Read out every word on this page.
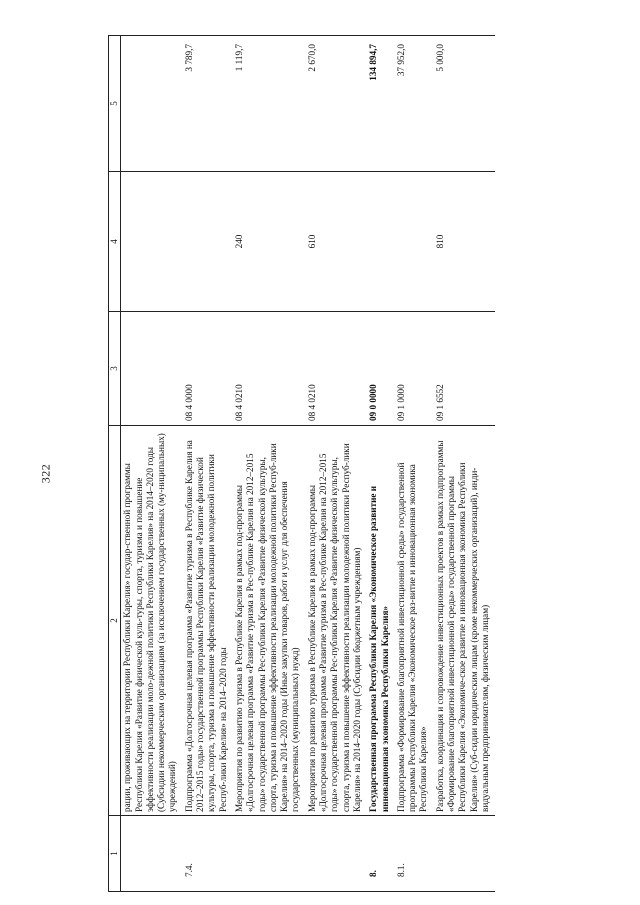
322
1	2	3	4	5
	рации, проживающих на территории Республики Карелия» государ-ственной программы Республики Карелия «Развитие физической куль-туры, спорта, туризма и повышение эффективности реализации моло-дежной политики Республики Карелия» на 2014–2020 годы (Субсидии некоммерческим организациям (за исключением государственных (му-ниципальных) учреждений)			
7.4.	Подпрограмма «Долгосрочная целевая программа «Развитие туризма в Республике Карелия на 2012–2015 годы» государственной программы Республики Карелия «Развитие физической культуры, спорта, туризма и повышение эффективности реализации молодежной политики Респуб-лики Карелия» на 2014–2020 годы	08 4 0000		3 789,7
	Мероприятия по развитию туризма в Республике Карелия в рамках под-программы «Долгосрочная целевая программа «Развитие туризма в Рес-публике Карелия на 2012–2015 годы» государственной программы Рес-публики Карелия «Развитие физической культуры, спорта, туризма и повышение эффективности реализации молодежной политики Респуб-лики Карелия» на 2014–2020 годы (Иные закупки товаров, работ и услуг для обеспечения государственных (муниципальных) нужд)	08 4 0210	240	1 119,7
	Мероприятия по развитию туризма в Республике Карелия в рамках под-программы «Долгосрочная целевая программа «Развитие туризма в Рес-публике Карелия на 2012–2015 годы» государственной программы Рес-публики Карелия «Развитие физической культуры, спорта, туризма и повышение эффективности реализации молодежной политики Респуб-лики Карелия» на 2014–2020 годы (Субсидии бюджетным учреждениям)	08 4 0210	610	2 670,0
8.	Государственная программа Республики Карелия «Экономическое развитие и инновационная экономика Республики Карелия»	09 0 0000		134 894,7
8.1.	Подпрограмма «Формирование благоприятной инвестиционной среды» государственной программы Республики Карелия «Экономическое раз-витие и инновационная экономика Республики Карелия»	09 1 0000		37 952,0
	Разработка, координация и сопровождение инвестиционных проектов в рамках подпрограммы «Формирование благоприятной инвестиционной среды» государственной программы Республики Карелия «Экономиче-ское развитие и инновационная экономика Республики Карелия» (Суб-сидии юридическим лицам (кроме некоммерческих организаций), инди-видуальным предпринимателям, физическим лицам)	09 1 6552	810	5 000,0
